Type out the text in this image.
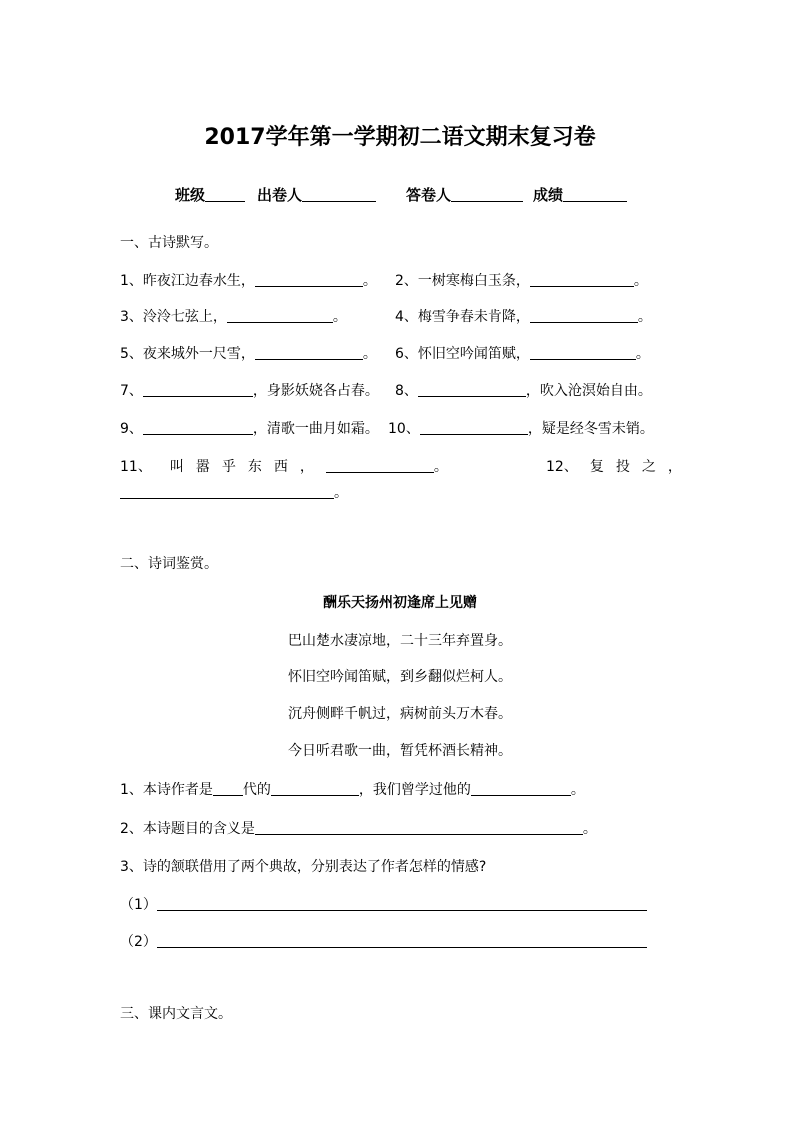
2017学年第一学期初二语文期末复习卷
班级	出卷人	答卷人	成绩
一、古诗默写。
1、昨夜江边春水生，	。 2、一树寒梅白玉条，	。
3、泠泠七弦上，	。	4、梅雪争春未肯降，	。
5、夜来城外一尺雪，	。 6、怀旧空吟闻笛赋，	。
7、	，身影妖娆各占春。 8、	，吹入沧溟始自由。
9、	，清歌一曲月如霜。 10、	，疑是经冬雪未销。
11、 叫嚣乎东西，	。	12、 复投之，
。
二、诗词鉴赏。
酬乐天扬州初逢席上见赠
巴山楚水凄凉地，二十三年弃置身。
怀旧空吟闻笛赋，到乡翻似烂柯人。
沉舟侧畔千帆过，病树前头万木春。
今日听君歌一曲，暂凭杯酒长精神。
1、本诗作者是 代的	，我们曾学过他的	。
2、本诗题目的含义是	。
3、诗的颔联借用了两个典故，分别表达了作者怎样的情感?
（1）
（2）
三、课内文言文。
